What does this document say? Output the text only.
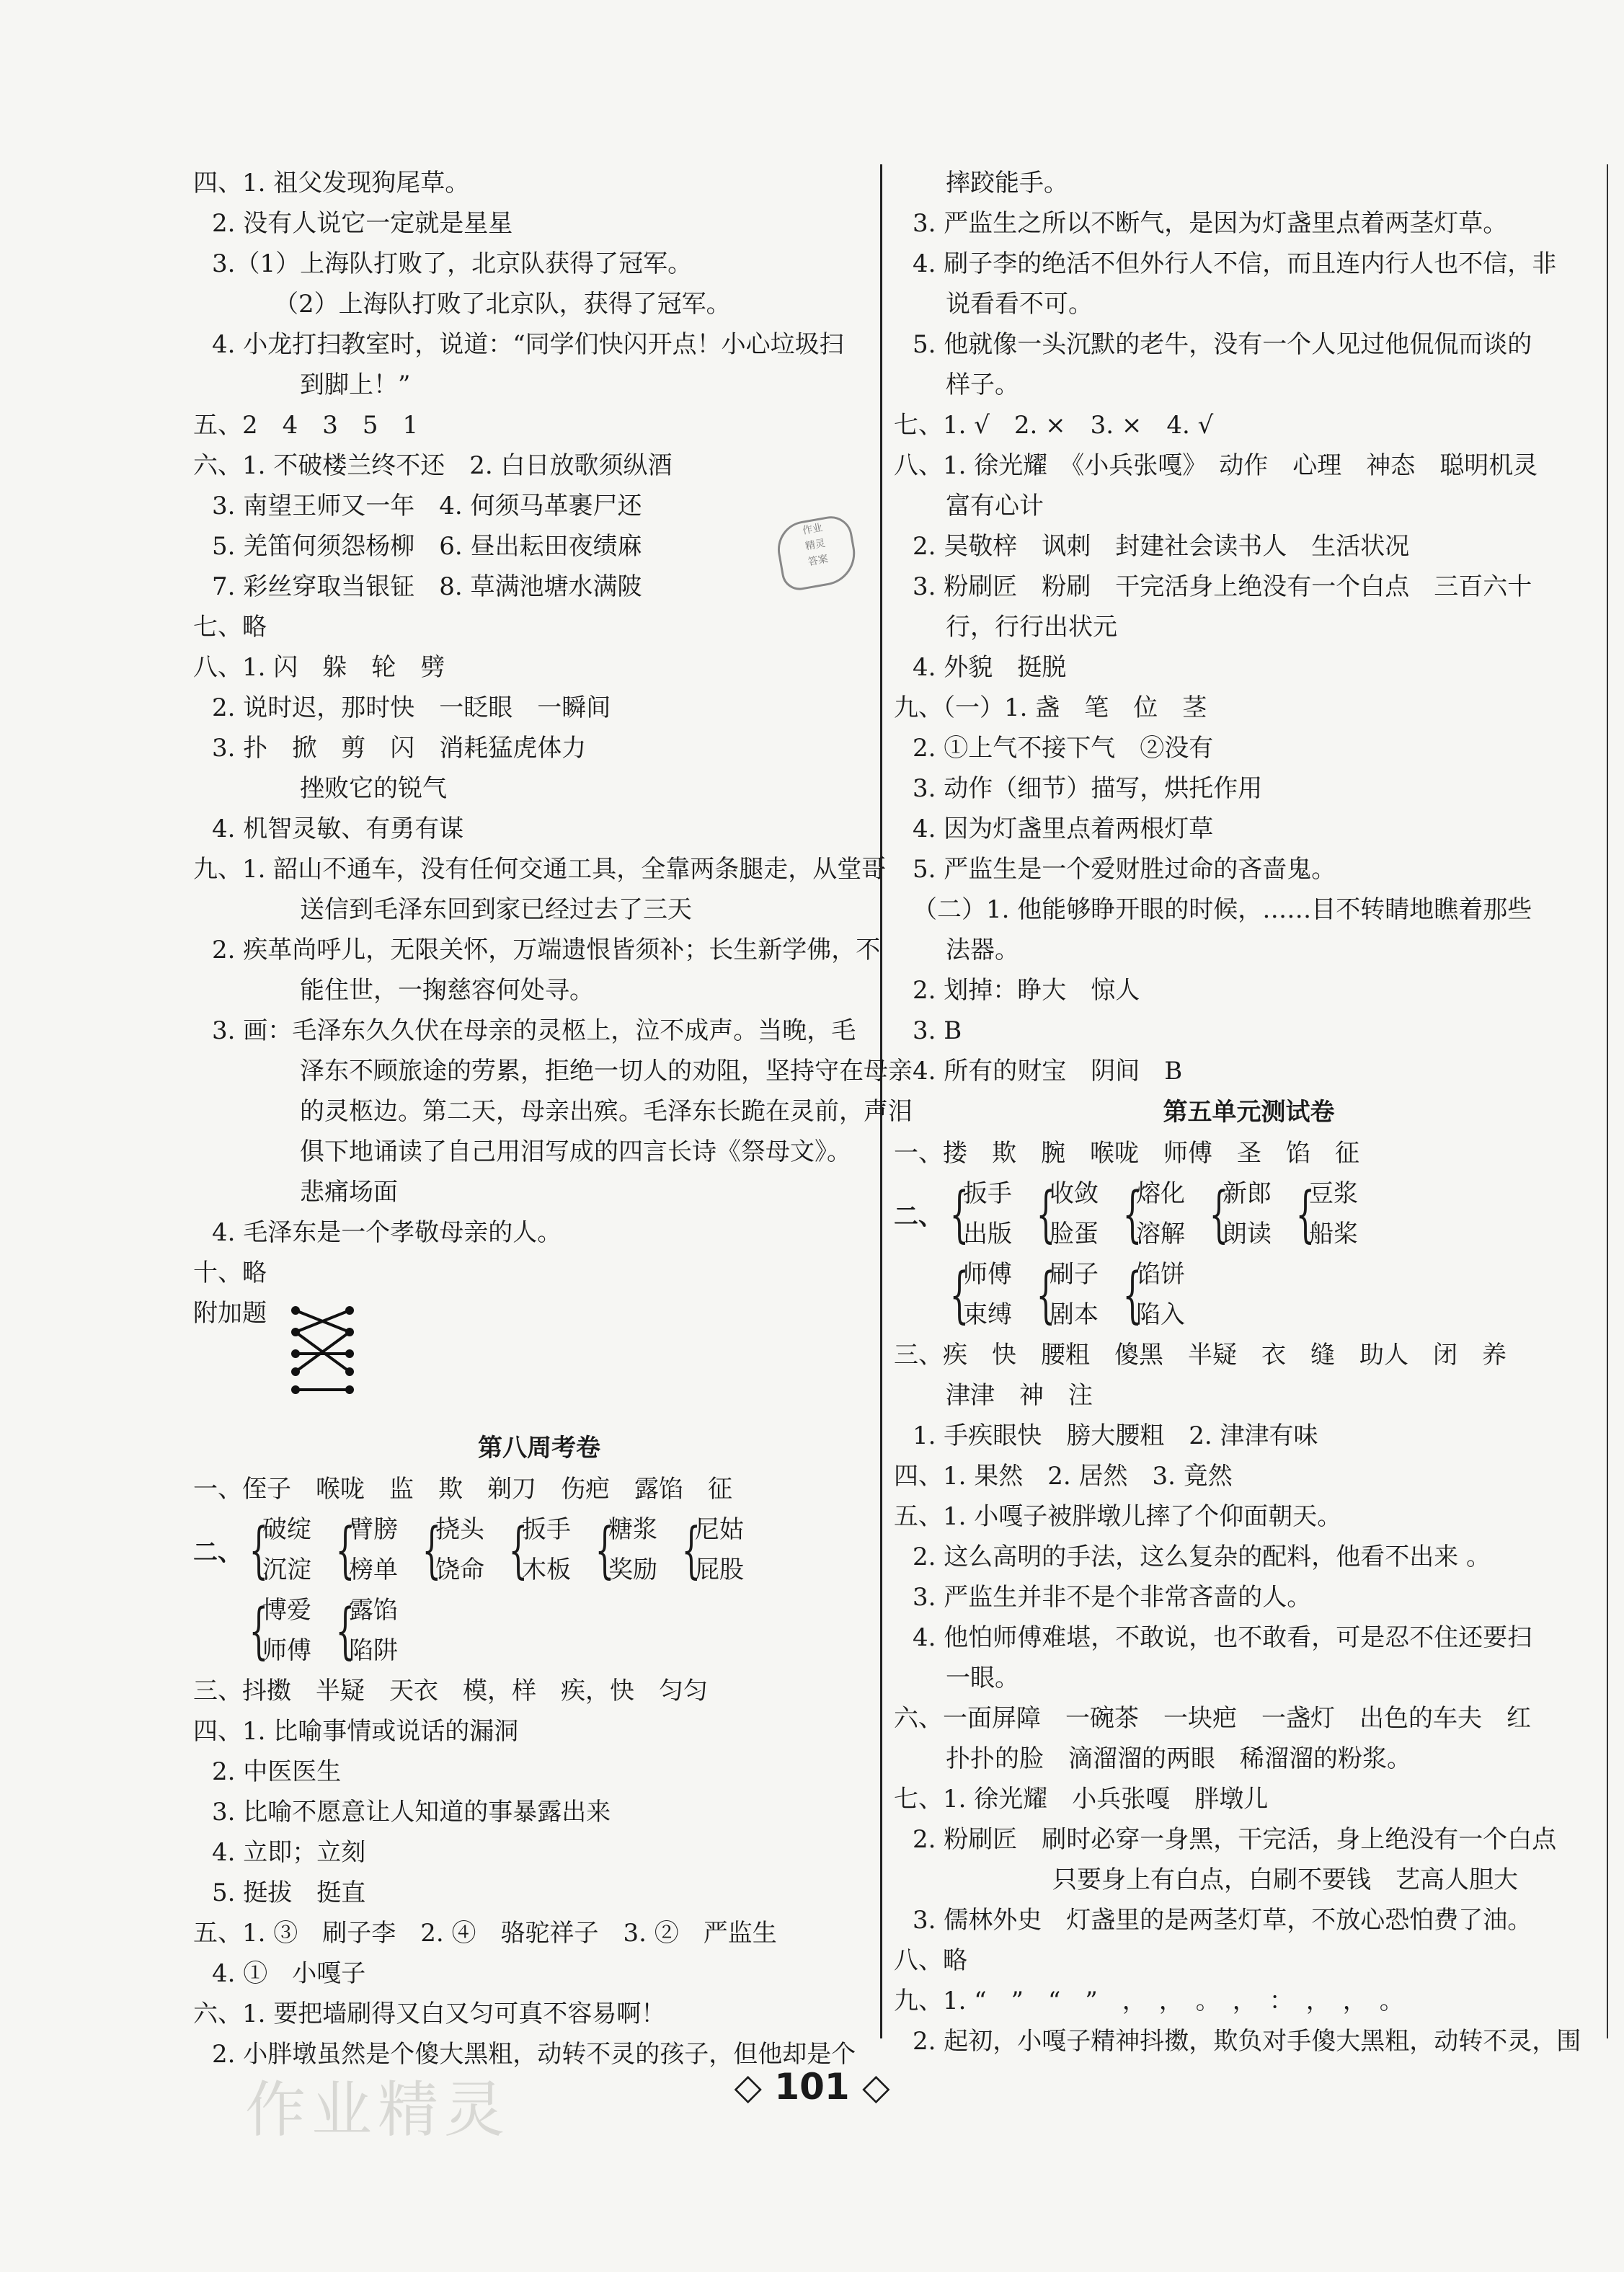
作业
精灵
答案
四、1. 祖父发现狗尾草。
2. 没有人说它一定就是星星
3.（1）上海队打败了，北京队获得了冠军。
（2）上海队打败了北京队，获得了冠军。
4. 小龙打扫教室时，说道：“同学们快闪开点！小心垃圾扫
到脚上！”
五、2　4　3　5　1
六、1. 不破楼兰终不还　2. 白日放歌须纵酒
3. 南望王师又一年　4. 何须马革裹尸还
5. 羌笛何须怨杨柳　6. 昼出耘田夜绩麻
7. 彩丝穿取当银钲　8. 草满池塘水满陂
七、略
八、1. 闪　躲　轮　劈
2. 说时迟，那时快　一眨眼　一瞬间
3. 扑　掀　剪　闪　消耗猛虎体力
挫败它的锐气
4. 机智灵敏、有勇有谋
九、1. 韶山不通车，没有任何交通工具，全靠两条腿走，从堂哥
送信到毛泽东回到家已经过去了三天
2. 疾革尚呼儿，无限关怀，万端遗恨皆须补；长生新学佛，不
能住世，一掬慈容何处寻。
3. 画：毛泽东久久伏在母亲的灵柩上，泣不成声。当晚，毛
泽东不顾旅途的劳累，拒绝一切人的劝阻，坚持守在母亲
的灵柩边。第二天，母亲出殡。毛泽东长跪在灵前，声泪
俱下地诵读了自己用泪写成的四言长诗《祭母文》。
悲痛场面
4. 毛泽东是一个孝敬母亲的人。
十、略
附加题
第八周考卷
一、侄子　喉咙　监　欺　剃刀　伤疤　露馅　征
二、 {
破绽
沉淀 {
臂膀
榜单 {
挠头
饶命 {
扳手
木板 {
糖浆
奖励 {
尼姑
屁股
{
博爱
师傅 {
露馅
陷阱
三、抖擞　半疑　天衣　模，样　疾，快　匀匀
四、1. 比喻事情或说话的漏洞
2. 中医医生
3. 比喻不愿意让人知道的事暴露出来
4. 立即；立刻
5. 挺拔　挺直
五、1. ③　刷子李　2. ④　骆驼祥子　3. ②　严监生
4. ①　小嘎子
六、1. 要把墙刷得又白又匀可真不容易啊！
2. 小胖墩虽然是个傻大黑粗，动转不灵的孩子，但他却是个
摔跤能手。
3. 严监生之所以不断气，是因为灯盏里点着两茎灯草。
4. 刷子李的绝活不但外行人不信，而且连内行人也不信，非
说看看不可。
5. 他就像一头沉默的老牛，没有一个人见过他侃侃而谈的
样子。
七、1. √　2. ×　3. ×　4. √
八、1. 徐光耀　《小兵张嘎》　动作　心理　神态　聪明机灵
富有心计
2. 吴敬梓　讽刺　封建社会读书人　生活状况
3. 粉刷匠　粉刷　干完活身上绝没有一个白点　三百六十
行，行行出状元
4. 外貌　挺脱
九、（一）1. 盏　笔　位　茎
2. ①上气不接下气　②没有
3. 动作（细节）描写，烘托作用
4. 因为灯盏里点着两根灯草
5. 严监生是一个爱财胜过命的吝啬鬼。
（二）1. 他能够睁开眼的时候，……目不转睛地瞧着那些
法器。
2. 划掉：睁大　惊人
3. B
4. 所有的财宝　阴间　B
第五单元测试卷
一、搂　欺　腕　喉咙　师傅　圣　馅　征
二、 {
扳手
出版 {
收敛
脸蛋 {
熔化
溶解 {
新郎
朗读 {
豆浆
船桨
{
师傅
束缚 {
刷子
剧本 {
馅饼
陷入
三、疾　快　腰粗　傻黑　半疑　衣　缝　助人　闭　养
津津　神　注
1. 手疾眼快　膀大腰粗　2. 津津有味
四、1. 果然　2. 居然　3. 竟然
五、1. 小嘎子被胖墩儿摔了个仰面朝天。
2. 这么高明的手法，这么复杂的配料，他看不出来 。
3. 严监生并非不是个非常吝啬的人。
4. 他怕师傅难堪，不敢说，也不敢看，可是忍不住还要扫
一眼。
六、一面屏障　一碗茶　一块疤　一盏灯　出色的车夫　红
扑扑的脸　滴溜溜的两眼　稀溜溜的粉浆。
七、1. 徐光耀　小兵张嘎　胖墩儿
2. 粉刷匠　刷时必穿一身黑，干完活，身上绝没有一个白点
只要身上有白点，白刷不要钱　艺高人胆大
3. 儒林外史　灯盏里的是两茎灯草，不放心恐怕费了油。
八、略
九、1. “　”　“　”　，　，　。　，　：　，　，　。
2. 起初，小嘎子精神抖擞，欺负对手傻大黑粗，动转不灵，围
◇ 101 ◇
作业精灵
